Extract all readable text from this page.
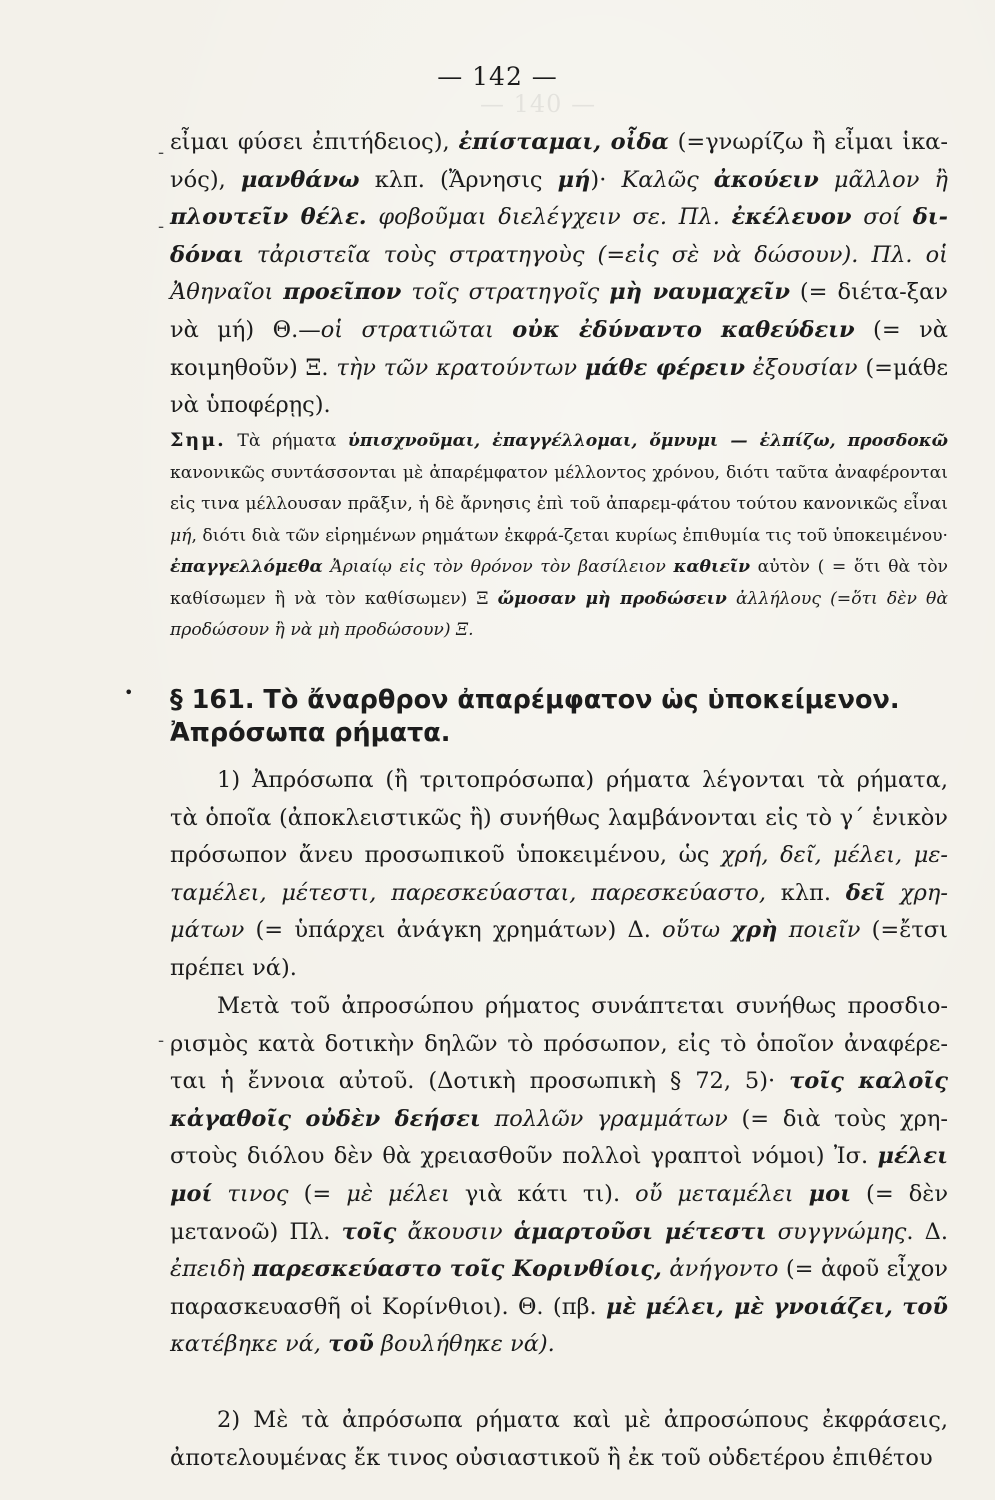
— 140 —
— 142 —

εἶμαι φύσει ἐπιτήδειος), ἐπίσταμαι, οἶδα (=γνωρίζω ἢ εἶμαι ἱκα-νός), μανθάνω κλπ. (Ἄρνησις μή)· Καλῶς ἀκούειν μᾶλλον ἢ πλουτεῖν θέλε. φοβοῦμαι διελέγχειν σε. Πλ. ἐκέλευον σοί δι-δόναι τἀριστεῖα τοὺς στρατηγοὺς (=εἰς σὲ νὰ δώσουν). Πλ. οἱ Ἀθηναῖοι προεῖπον τοῖς στρατηγοῖς μὴ ναυμαχεῖν (= διέτα-ξαν νὰ μή) Θ.—οἱ στρατιῶται οὐκ ἐδύναντο καθεύδειν (= νὰ κοιμηθοῦν) Ξ. τὴν τῶν κρατούντων μάθε φέρειν ἐξουσίαν (=μάθε νὰ ὑποφέρῃς).

Σημ. Τὰ ρήματα ὑπισχνοῦμαι, ἐπαγγέλλομαι, ὄμνυμι — ἐλπίζω, προσδοκῶ κανονικῶς συντάσσονται μὲ ἀπαρέμφατον μέλλοντος χρόνου, διότι ταῦτα ἀναφέρονται εἰς τινα μέλλουσαν πρᾶξιν, ἡ δὲ ἄρνησις ἐπὶ τοῦ ἀπαρεμ-φάτου τούτου κανονικῶς εἶναι μή, διότι διὰ τῶν εἰρημένων ρημάτων ἐκφρά-ζεται κυρίως ἐπιθυμία τις τοῦ ὑποκειμένου· ἐπαγγελλόμεθα Ἀριαίῳ εἰς τὸν θρόνον τὸν βασίλειον καθιεῖν αὐτὸν ( = ὅτι θὰ τὸν καθίσωμεν ἢ νὰ τὸν καθίσωμεν) Ξ ὤμοσαν μὴ προδώσειν ἀλλήλους (=ὅτι δὲν θὰ προδώσουν ἢ νὰ μὴ προδώσουν) Ξ.

• § 161. Τὸ ἄναρθρον ἀπαρέμφατον ὡς ὑποκείμενον. Ἀπρόσωπα ρήματα.

1) Ἀπρόσωπα (ἢ τριτοπρόσωπα) ρήματα λέγονται τὰ ρήματα, τὰ ὁποῖα (ἀποκλειστικῶς ἢ) συνήθως λαμβάνονται εἰς τὸ γ΄ ἑνικὸν πρόσωπον ἄνευ προσωπικοῦ ὑποκειμένου, ὡς χρή, δεῖ, μέλει, με-ταμέλει, μέτεστι, παρεσκεύασται, παρεσκεύαστο, κλπ. δεῖ χρη-μάτων (= ὑπάρχει ἀνάγκη χρημάτων) Δ. οὕτω χρὴ ποιεῖν (=ἔτσι πρέπει νά).

Μετὰ τοῦ ἀπροσώπου ρήματος συνάπτεται συνήθως προσδιο-ρισμὸς κατὰ δοτικὴν δηλῶν τὸ πρόσωπον, εἰς τὸ ὁποῖον ἀναφέρε-ται ἡ ἔννοια αὐτοῦ. (Δοτικὴ προσωπικὴ § 72, 5)· τοῖς καλοῖς κἀγαθοῖς οὐδὲν δεήσει πολλῶν γραμμάτων (= διὰ τοὺς χρη-στοὺς διόλου δὲν θὰ χρειασθοῦν πολλοὶ γραπτοὶ νόμοι) Ἰσ. μέλει μοί τινος (= μὲ μέλει γιὰ κάτι τι). οὔ μεταμέλει μοι (= δὲν μετανοῶ) Πλ. τοῖς ἄκουσιν ἁμαρτοῦσι μέτεστι συγγνώμης. Δ. ἐπειδὴ παρεσκεύαστο τοῖς Κορινθίοις, ἀνήγοντο (= ἀφοῦ εἶχον παρασκευασθῆ οἱ Κορίνθιοι). Θ. (πβ. μὲ μέλει, μὲ γνοιάζει, τοῦ κατέβηκε νά, τοῦ βουλήθηκε νά).

2) Μὲ τὰ ἀπρόσωπα ρήματα καὶ μὲ ἀπροσώπους ἐκφράσεις, ἀποτελουμένας ἔκ τινος οὐσιαστικοῦ ἢ ἐκ τοῦ οὐδετέρου ἐπιθέτου

-
-
-
